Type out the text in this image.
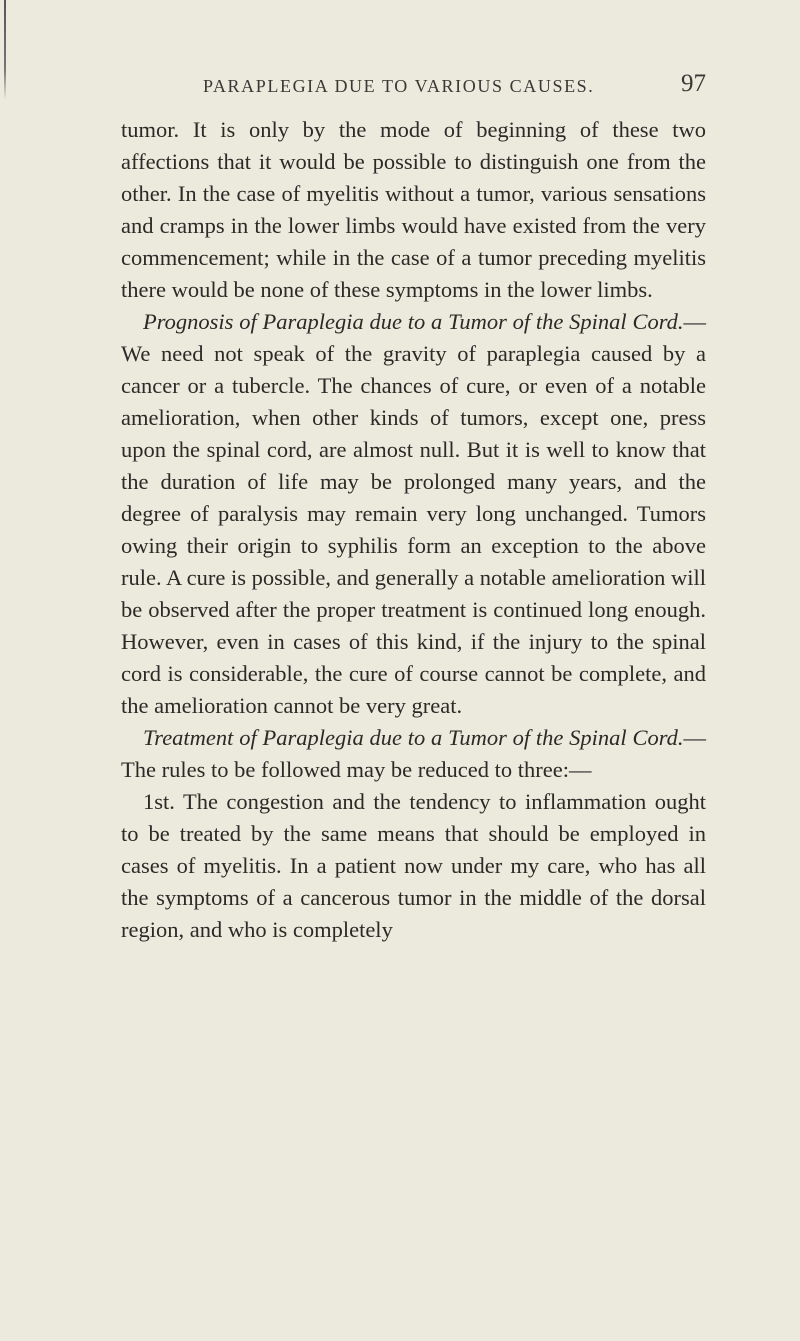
PARAPLEGIA DUE TO VARIOUS CAUSES.	97

tumor. It is only by the mode of beginning of these two affections that it would be possible to distinguish one from the other. In the case of myelitis without a tumor, various sensations and cramps in the lower limbs would have existed from the very commencement; while in the case of a tumor preceding myelitis there would be none of these symptoms in the lower limbs.

Prognosis of Paraplegia due to a Tumor of the Spinal Cord.—We need not speak of the gravity of paraplegia caused by a cancer or a tubercle. The chances of cure, or even of a notable amelioration, when other kinds of tumors, except one, press upon the spinal cord, are almost null. But it is well to know that the duration of life may be prolonged many years, and the degree of paralysis may remain very long unchanged. Tumors owing their origin to syphilis form an exception to the above rule. A cure is possible, and generally a notable amelioration will be observed after the proper treatment is continued long enough. However, even in cases of this kind, if the injury to the spinal cord is considerable, the cure of course cannot be complete, and the amelioration cannot be very great.

Treatment of Paraplegia due to a Tumor of the Spinal Cord.—The rules to be followed may be reduced to three:—

1st. The congestion and the tendency to inflammation ought to be treated by the same means that should be employed in cases of myelitis. In a patient now under my care, who has all the symptoms of a cancerous tumor in the middle of the dorsal region, and who is completely
